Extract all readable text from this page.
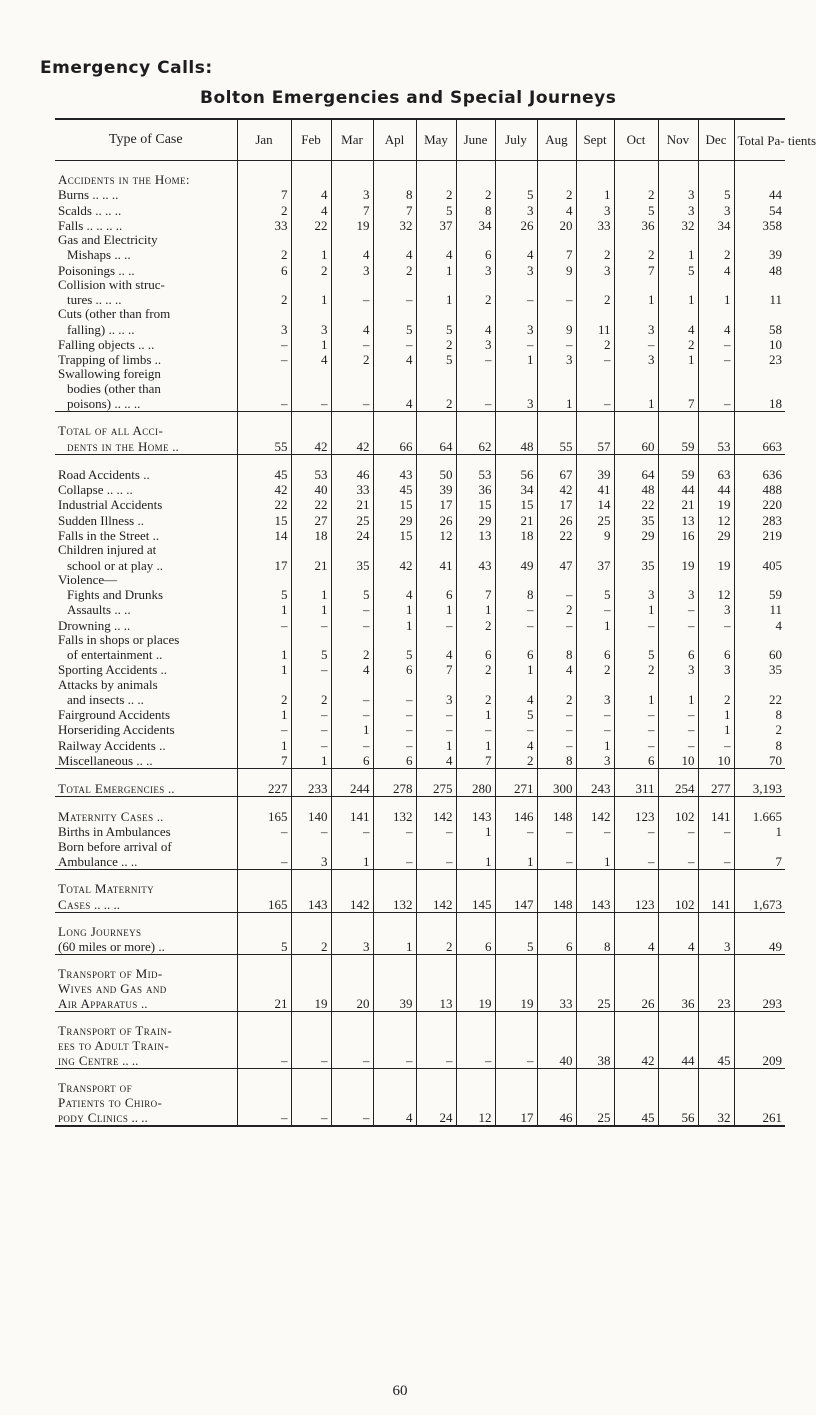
Emergency Calls:
Bolton Emergencies and Special Journeys
Type of Case	Jan	Feb	Mar	Apl	May	June	July	Aug	Sept	Oct	Nov	Dec	Total Pa- tients

Accidents in the Home:													
Burns .. .. ..	7	4	3	8	2	2	5	2	1	2	3	5	44
Scalds .. .. ..	2	4	7	7	5	8	3	4	3	5	3	3	54
Falls .. .. .. ..	33	22	19	32	37	34	26	20	33	36	32	34	358
Gas and Electricity													
Mishaps .. ..	2	1	4	4	4	6	4	7	2	2	1	2	39
Poisonings .. ..	6	2	3	2	1	3	3	9	3	7	5	4	48
Collision with struc-													
tures .. .. ..	2	1	–	–	1	2	–	–	2	1	1	1	11
Cuts (other than from													
falling) .. .. ..	3	3	4	5	5	4	3	9	11	3	4	4	58
Falling objects .. ..	–	1	–	–	2	3	–	–	2	–	2	–	10
Trapping of limbs ..	–	4	2	4	5	–	1	3	–	3	1	–	23
Swallowing foreign													
bodies (other than													
poisons) .. .. ..	–	–	–	4	2	–	3	1	–	1	7	–	18

Total of all Acci-													
dents in the Home ..	55	42	42	66	64	62	48	55	57	60	59	53	663

Road Accidents ..	45	53	46	43	50	53	56	67	39	64	59	63	636
Collapse .. .. ..	42	40	33	45	39	36	34	42	41	48	44	44	488
Industrial Accidents	22	22	21	15	17	15	15	17	14	22	21	19	220
Sudden Illness ..	15	27	25	29	26	29	21	26	25	35	13	12	283
Falls in the Street ..	14	18	24	15	12	13	18	22	9	29	16	29	219
Children injured at													
school or at play ..	17	21	35	42	41	43	49	47	37	35	19	19	405
Violence—													
Fights and Drunks	5	1	5	4	6	7	8	–	5	3	3	12	59
Assaults .. ..	1	1	–	1	1	1	–	2	–	1	–	3	11
Drowning .. ..	–	–	–	1	–	2	–	–	1	–	–	–	4
Falls in shops or places													
of entertainment ..	1	5	2	5	4	6	6	8	6	5	6	6	60
Sporting Accidents ..	1	–	4	6	7	2	1	4	2	2	3	3	35
Attacks by animals													
and insects .. ..	2	2	–	–	3	2	4	2	3	1	1	2	22
Fairground Accidents	1	–	–	–	–	1	5	–	–	–	–	1	8
Horseriding Accidents	–	–	1	–	–	–	–	–	–	–	–	1	2
Railway Accidents ..	1	–	–	–	1	1	4	–	1	–	–	–	8
Miscellaneous .. ..	7	1	6	6	4	7	2	8	3	6	10	10	70

Total Emergencies ..	227	233	244	278	275	280	271	300	243	311	254	277	3,193

Maternity Cases ..	165	140	141	132	142	143	146	148	142	123	102	141	1.665
Births in Ambulances	–	–	–	–	–	1	–	–	–	–	–	–	1
Born before arrival of													
Ambulance .. ..	–	3	1	–	–	1	1	–	1	–	–	–	7

Total Maternity													
Cases .. .. ..	165	143	142	132	142	145	147	148	143	123	102	141	1,673

Long Journeys													
(60 miles or more) ..	5	2	3	1	2	6	5	6	8	4	4	3	49

Transport of Mid-													
Wives and Gas and													
Air Apparatus ..	21	19	20	39	13	19	19	33	25	26	36	23	293

Transport of Train-													
ees to Adult Train-													
ing Centre .. ..	–	–	–	–	–	–	–	40	38	42	44	45	209

Transport of													
Patients to Chiro-													
pody Clinics .. ..	–	–	–	4	24	12	17	46	25	45	56	32	261
60
